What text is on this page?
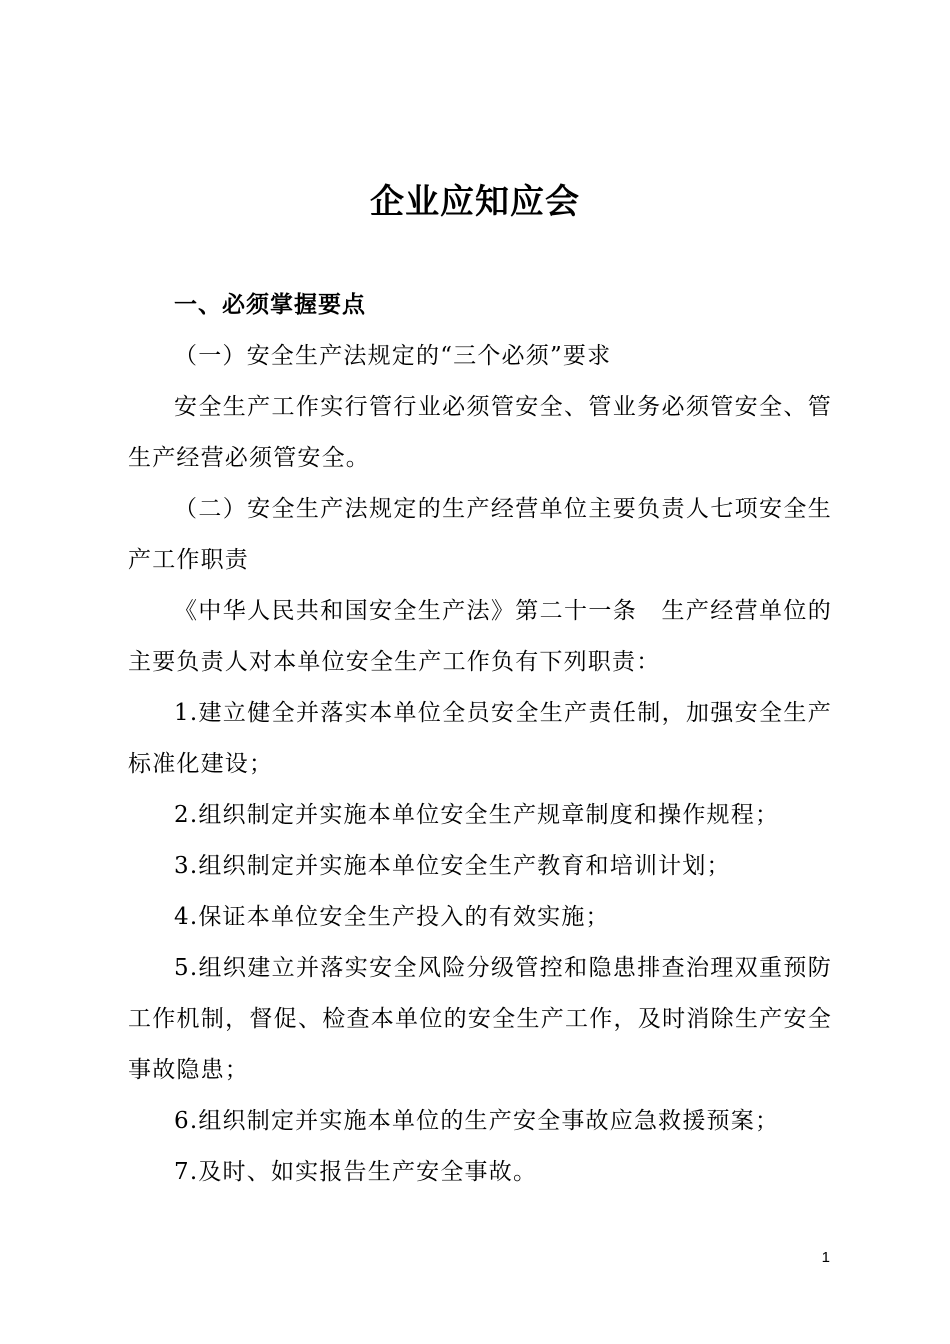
企业应知应会

一、必须掌握要点

（一）安全生产法规定的“三个必须”要求

安全生产工作实行管行业必须管安全、管业务必须管安全、管生产经营必须管安全。

（二）安全生产法规定的生产经营单位主要负责人七项安全生产工作职责

《中华人民共和国安全生产法》第二十一条　生产经营单位的主要负责人对本单位安全生产工作负有下列职责：

1.建立健全并落实本单位全员安全生产责任制，加强安全生产标准化建设；

2.组织制定并实施本单位安全生产规章制度和操作规程；

3.组织制定并实施本单位安全生产教育和培训计划；

4.保证本单位安全生产投入的有效实施；

5.组织建立并落实安全风险分级管控和隐患排查治理双重预防工作机制，督促、检查本单位的安全生产工作，及时消除生产安全事故隐患；

6.组织制定并实施本单位的生产安全事故应急救援预案；

7.及时、如实报告生产安全事故。

1
